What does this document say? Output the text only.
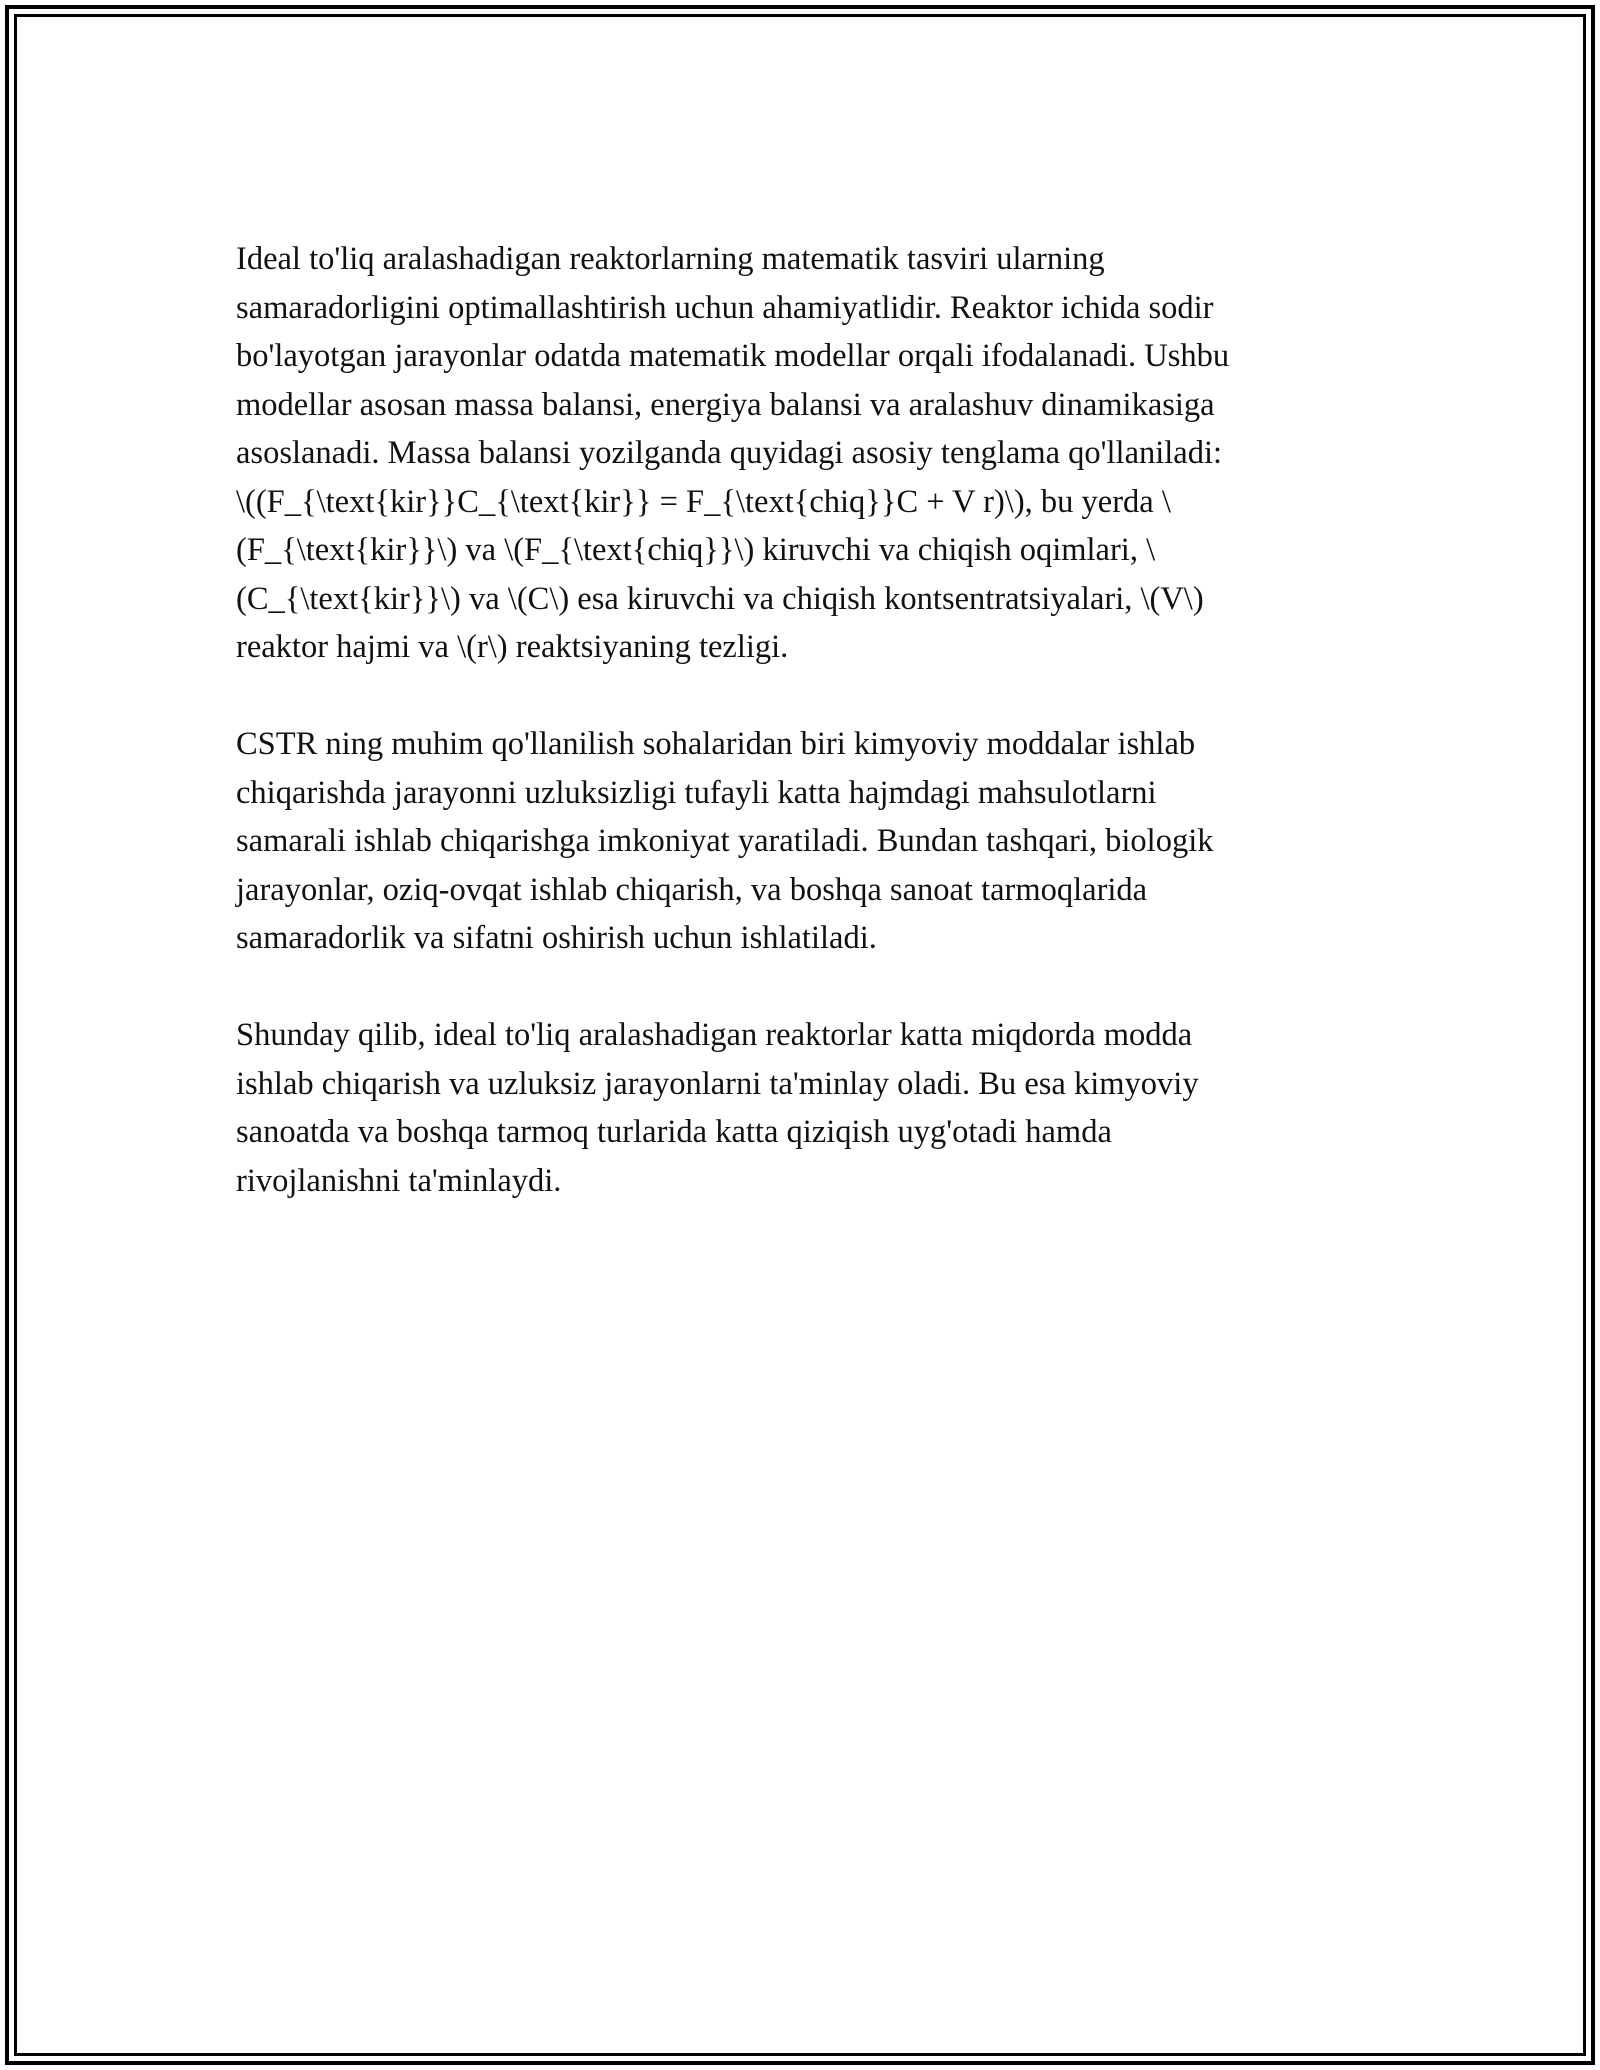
Ideal to'liq aralashadigan reaktorlarning matematik tasviri ularning
samaradorligini optimallashtirish uchun ahamiyatlidir. Reaktor ichida sodir
bo'layotgan jarayonlar odatda matematik modellar orqali ifodalanadi. Ushbu
modellar asosan massa balansi, energiya balansi va aralashuv dinamikasiga
asoslanadi. Massa balansi yozilganda quyidagi asosiy tenglama qo'llaniladi:
\((F_{\text{kir}}C_{\text{kir}} = F_{\text{chiq}}C + V r)\), bu yerda \
(F_{\text{kir}}\) va \(F_{\text{chiq}}\) kiruvchi va chiqish oqimlari, \
(C_{\text{kir}}\) va \(C\) esa kiruvchi va chiqish kontsentratsiyalari, \(V\)
reaktor hajmi va \(r\) reaktsiyaning tezligi.

CSTR ning muhim qo'llanilish sohalaridan biri kimyoviy moddalar ishlab
chiqarishda jarayonni uzluksizligi tufayli katta hajmdagi mahsulotlarni
samarali ishlab chiqarishga imkoniyat yaratiladi. Bundan tashqari, biologik
jarayonlar, oziq-ovqat ishlab chiqarish, va boshqa sanoat tarmoqlarida
samaradorlik va sifatni oshirish uchun ishlatiladi.

Shunday qilib, ideal to'liq aralashadigan reaktorlar katta miqdorda modda
ishlab chiqarish va uzluksiz jarayonlarni ta'minlay oladi. Bu esa kimyoviy
sanoatda va boshqa tarmoq turlarida katta qiziqish uyg'otadi hamda
rivojlanishni ta'minlaydi.
